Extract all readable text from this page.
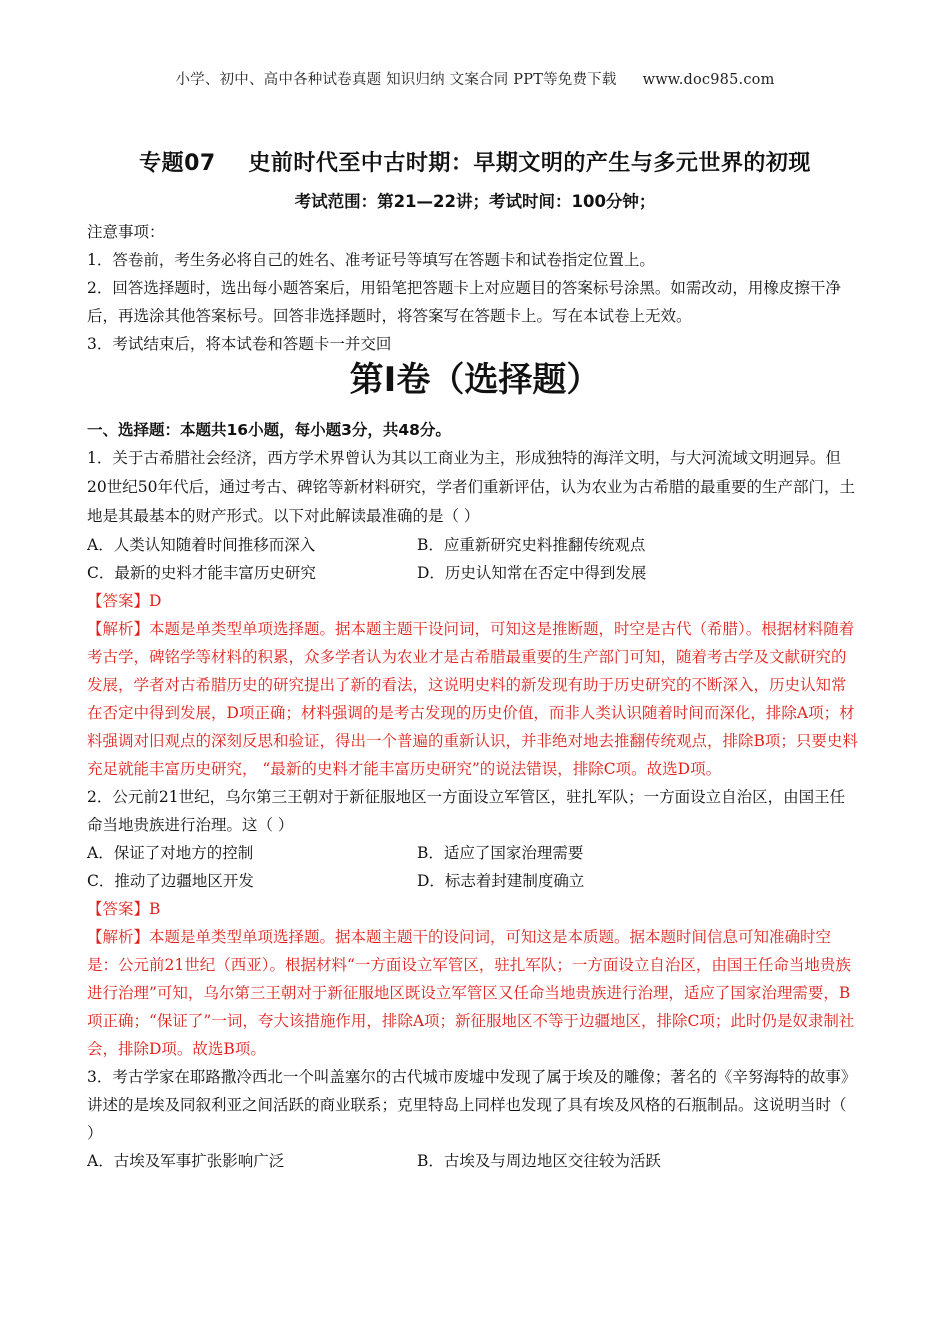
小学、初中、高中各种试卷真题 知识归纳 文案合同 PPT等免费下载 www.doc985.com
专题07    史前时代至中古时期：早期文明的产生与多元世界的初现
考试范围：第21—22讲；考试时间：100分钟；

注意事项：

1．答卷前，考生务必将自己的姓名、准考证号等填写在答题卡和试卷指定位置上。

2．回答选择题时，选出每小题答案后，用铅笔把答题卡上对应题目的答案标号涂黑。如需改动，用橡皮擦干净后，再选涂其他答案标号。回答非选择题时，将答案写在答题卡上。写在本试卷上无效。

3．考试结束后，将本试卷和答题卡一并交回

第I卷（选择题）
一、选择题：本题共16小题，每小题3分，共48分。

1．关于古希腊社会经济，西方学术界曾认为其以工商业为主，形成独特的海洋文明，与大河流域文明迥异。但20世纪50年代后，通过考古、碑铭等新材料研究，学者们重新评估，认为农业为古希腊的最重要的生产部门，土地是其最基本的财产形式。以下对此解读最准确的是（ ）

A．人类认知随着时间推移而深入	B．应重新研究史料推翻传统观点
C．最新的史料才能丰富历史研究	D．历史认知常在否定中得到发展

【答案】D

【解析】本题是单类型单项选择题。据本题主题干设问词，可知这是推断题，时空是古代（希腊）。根据材料随着考古学，碑铭学等材料的积累，众多学者认为农业才是古希腊最重要的生产部门可知，随着考古学及文献研究的发展，学者对古希腊历史的研究提出了新的看法，这说明史料的新发现有助于历史研究的不断深入，历史认知常在否定中得到发展，D项正确；材料强调的是考古发现的历史价值，而非人类认识随着时间而深化，排除A项；材料强调对旧观点的深刻反思和验证，得出一个普遍的重新认识，并非绝对地去推翻传统观点，排除B项；只要史料充足就能丰富历史研究， “最新的史料才能丰富历史研究”的说法错误，排除C项。故选D项。

2．公元前21世纪，乌尔第三王朝对于新征服地区一方面设立军管区，驻扎军队；一方面设立自治区，由国王任命当地贵族进行治理。这（ ）

A．保证了对地方的控制	B．适应了国家治理需要
C．推动了边疆地区开发	D．标志着封建制度确立

【答案】B

【解析】本题是单类型单项选择题。据本题主题干的设问词，可知这是本质题。据本题时间信息可知准确时空是：公元前21世纪（西亚）。根据材料“一方面设立军管区，驻扎军队；一方面设立自治区，由国王任命当地贵族进行治理”可知，乌尔第三王朝对于新征服地区既设立军管区又任命当地贵族进行治理，适应了国家治理需要，B项正确；“保证了”一词，夸大该措施作用，排除A项；新征服地区不等于边疆地区，排除C项；此时仍是奴隶制社会，排除D项。故选B项。

3．考古学家在耶路撒冷西北一个叫盖塞尔的古代城市废墟中发现了属于埃及的雕像；著名的《辛努海特的故事》讲述的是埃及同叙利亚之间活跃的商业联系；克里特岛上同样也发现了具有埃及风格的石瓶制品。这说明当时（ ）

A．古埃及军事扩张影响广泛	B．古埃及与周边地区交往较为活跃
